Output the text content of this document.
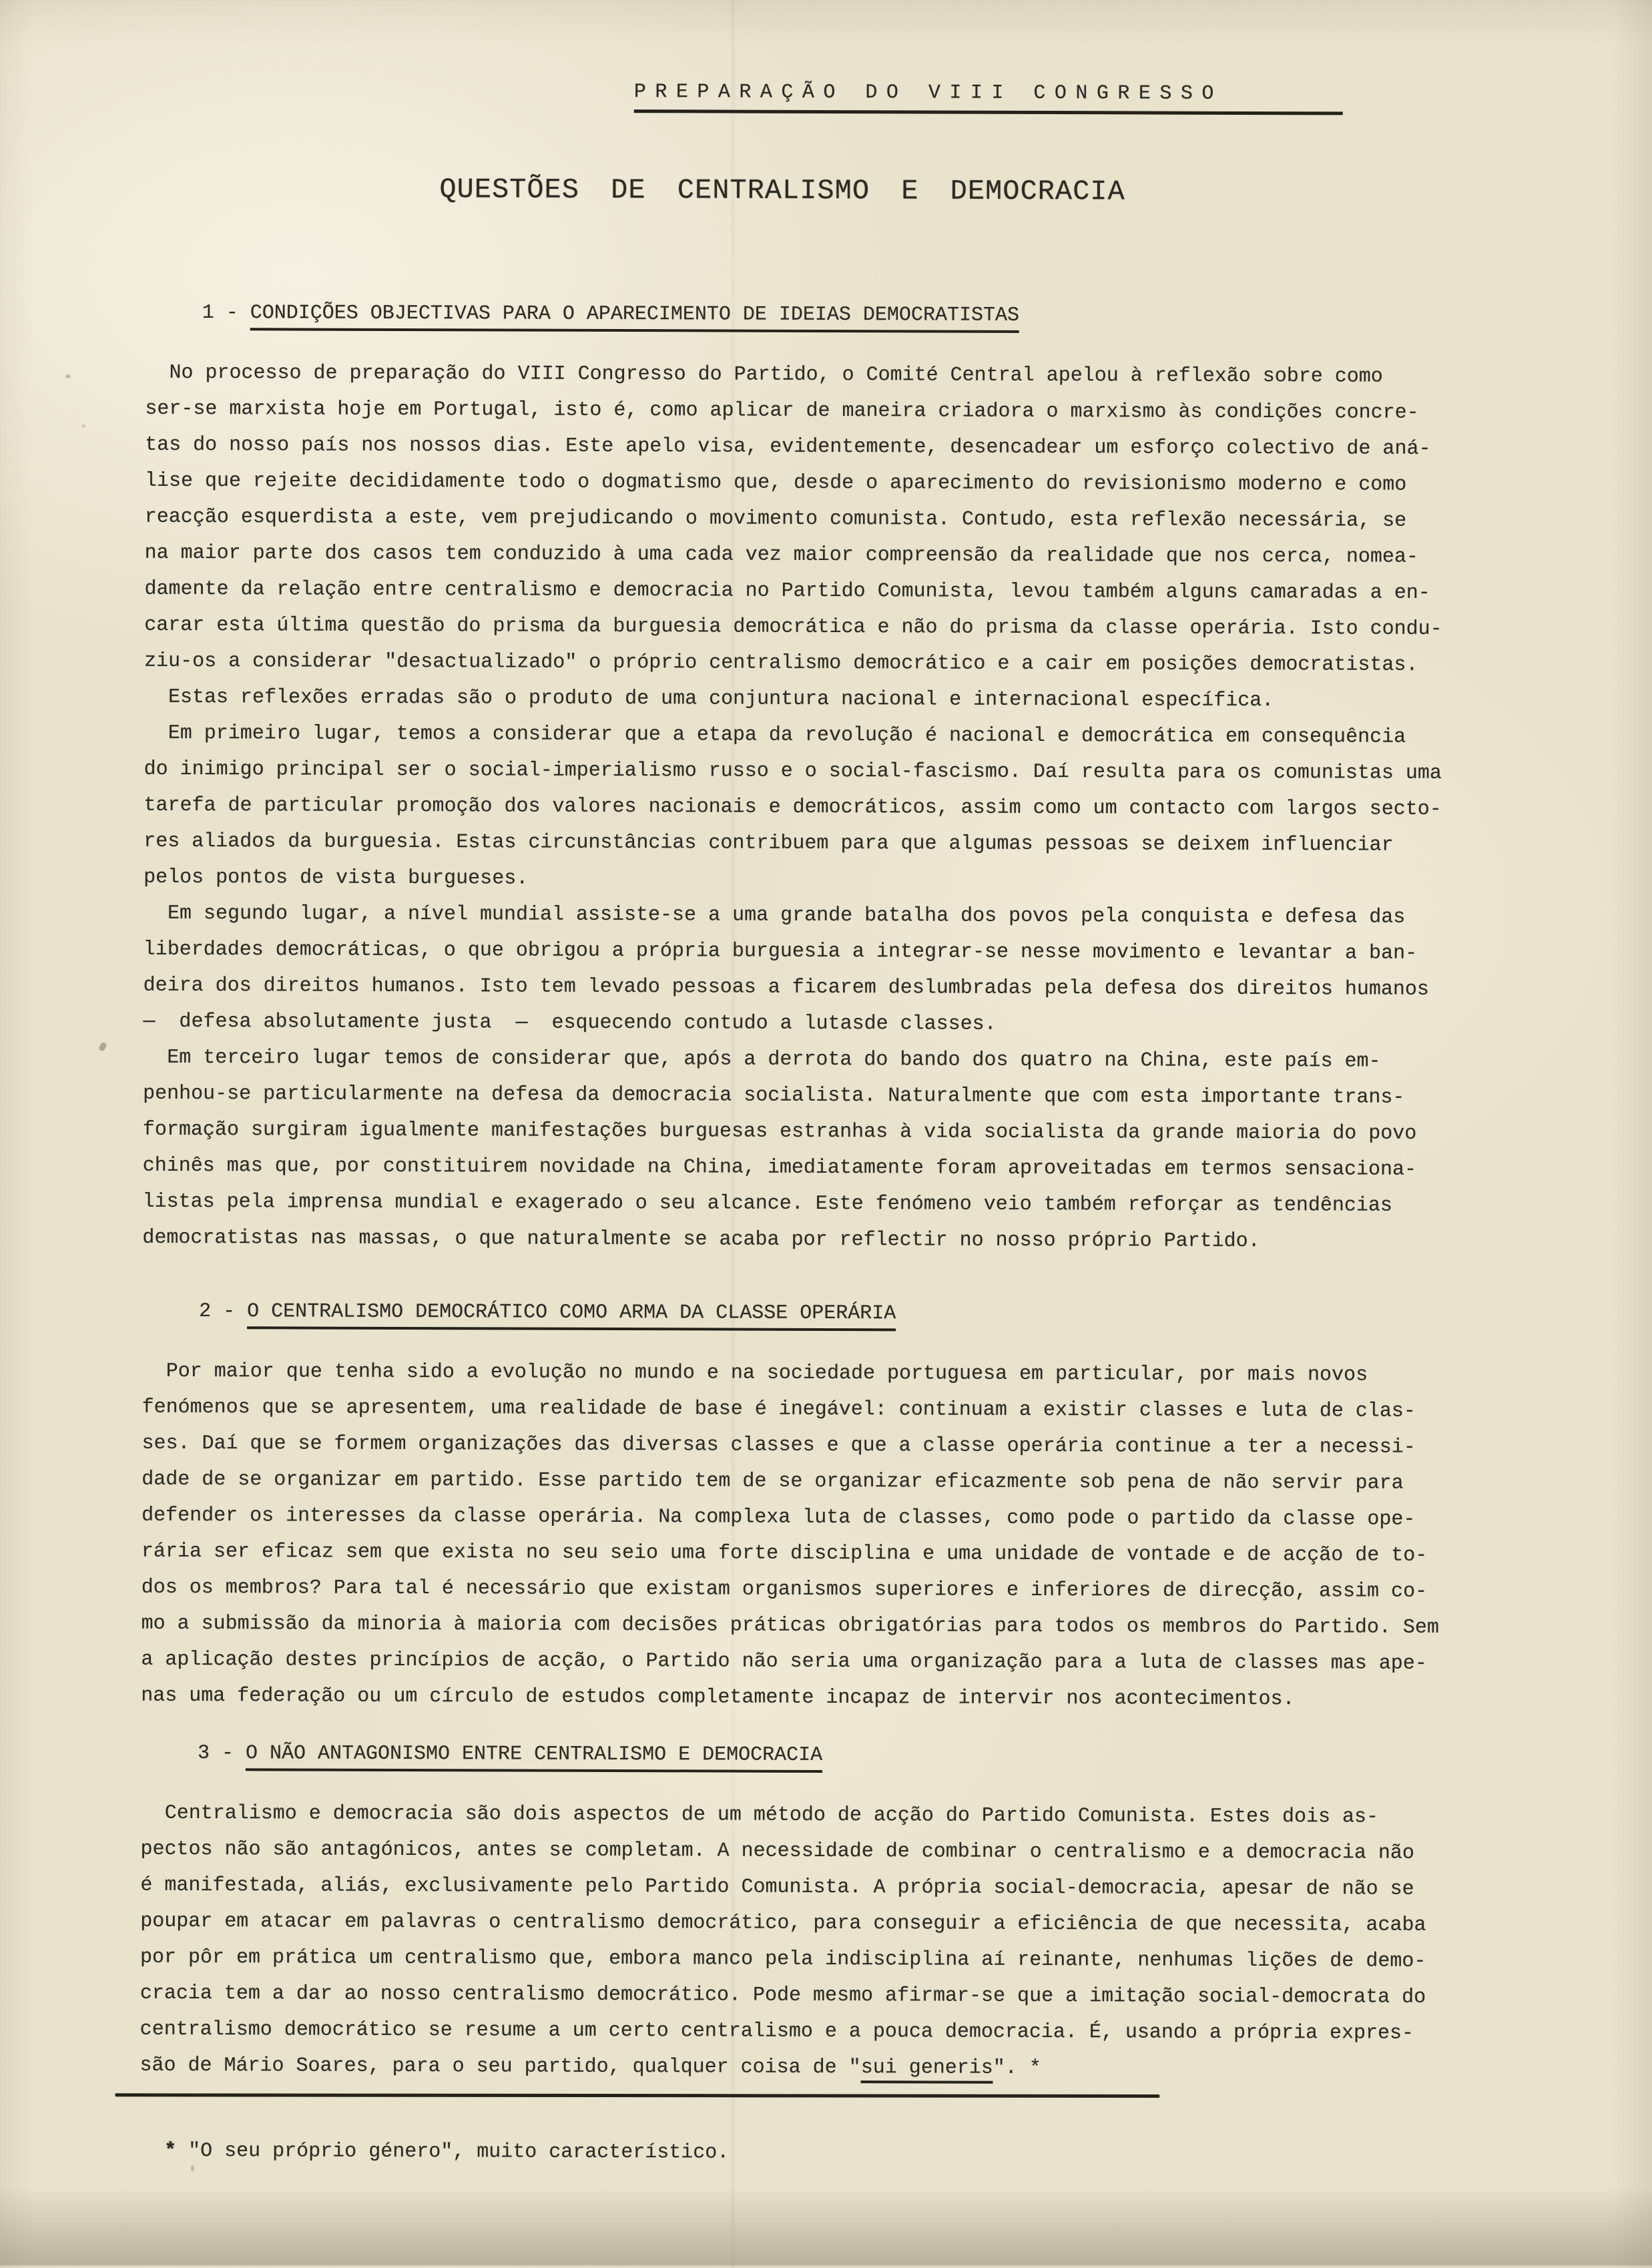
PREPARAÇÃO DO VIII CONGRESSO

QUESTÕES DE CENTRALISMO E DEMOCRACIA
1 - CONDIÇÕES OBJECTIVAS PARA O APARECIMENTO DE IDEIAS DEMOCRATISTAS
No processo de preparação do VIII Congresso do Partido, o Comité Central apelou à reflexão sobre como
ser-se marxista hoje em Portugal, isto é, como aplicar de maneira criadora o marxismo às condições concre-
tas do nosso país nos nossos dias. Este apelo visa, evidentemente, desencadear um esforço colectivo de aná-
lise que rejeite decididamente todo o dogmatismo que, desde o aparecimento do revisionismo moderno e como
reacção esquerdista a este, vem prejudicando o movimento comunista. Contudo, esta reflexão necessária, se
na maior parte dos casos tem conduzido à uma cada vez maior compreensão da realidade que nos cerca, nomea-
damente da relação entre centralismo e democracia no Partido Comunista, levou também alguns camaradas a en-
carar esta última questão do prisma da burguesia democrática e não do prisma da classe operária. Isto condu-
ziu-os a considerar "desactualizado" o próprio centralismo democrático e a cair em posições democratistas.
Estas reflexões erradas são o produto de uma conjuntura nacional e internacional específica.
Em primeiro lugar, temos a considerar que a etapa da revolução é nacional e democrática em consequência
do inimigo principal ser o social-imperialismo russo e o social-fascismo. Daí resulta para os comunistas uma
tarefa de particular promoção dos valores nacionais e democráticos, assim como um contacto com largos secto-
res aliados da burguesia. Estas circunstâncias contribuem para que algumas pessoas se deixem influenciar
pelos pontos de vista burgueses.
Em segundo lugar, a nível mundial assiste-se a uma grande batalha dos povos pela conquista e defesa das
liberdades democráticas, o que obrigou a própria burguesia a integrar-se nesse movimento e levantar a ban-
deira dos direitos humanos. Isto tem levado pessoas a ficarem deslumbradas pela defesa dos direitos humanos
—  defesa absolutamente justa  —  esquecendo contudo a lutasde classes.
Em terceiro lugar temos de considerar que, após a derrota do bando dos quatro na China, este país em-
penhou-se particularmente na defesa da democracia socialista. Naturalmente que com esta importante trans-
formação surgiram igualmente manifestações burguesas estranhas à vida socialista da grande maioria do povo
chinês mas que, por constituirem novidade na China, imediatamente foram aproveitadas em termos sensaciona-
listas pela imprensa mundial e exagerado o seu alcance. Este fenómeno veio também reforçar as tendências
democratistas nas massas, o que naturalmente se acaba por reflectir no nosso próprio Partido.
2 - O CENTRALISMO DEMOCRÁTICO COMO ARMA DA CLASSE OPERÁRIA
Por maior que tenha sido a evolução no mundo e na sociedade portuguesa em particular, por mais novos
fenómenos que se apresentem, uma realidade de base é inegável: continuam a existir classes e luta de clas-
ses. Daí que se formem organizações das diversas classes e que a classe operária continue a ter a necessi-
dade de se organizar em partido. Esse partido tem de se organizar eficazmente sob pena de não servir para
defender os interesses da classe operária. Na complexa luta de classes, como pode o partido da classe ope-
rária ser eficaz sem que exista no seu seio uma forte disciplina e uma unidade de vontade e de acção de to-
dos os membros? Para tal é necessário que existam organismos superiores e inferiores de direcção, assim co-
mo a submissão da minoria à maioria com decisões práticas obrigatórias para todos os membros do Partido. Sem
a aplicação destes princípios de acção, o Partido não seria uma organização para a luta de classes mas ape-
nas uma federação ou um círculo de estudos completamente incapaz de intervir nos acontecimentos.
3 - O NÃO ANTAGONISMO ENTRE CENTRALISMO E DEMOCRACIA
Centralismo e democracia são dois aspectos de um método de acção do Partido Comunista. Estes dois as-
pectos não são antagónicos, antes se completam. A necessidade de combinar o centralismo e a democracia não
é manifestada, aliás, exclusivamente pelo Partido Comunista. A própria social-democracia, apesar de não se
poupar em atacar em palavras o centralismo democrático, para conseguir a eficiência de que necessita, acaba
por pôr em prática um centralismo que, embora manco pela indisciplina aí reinante, nenhumas lições de demo-
cracia tem a dar ao nosso centralismo democrático. Pode mesmo afirmar-se que a imitação social-democrata do
centralismo democrático se resume a um certo centralismo e a pouca democracia. É, usando a própria expres-
são de Mário Soares, para o seu partido, qualquer coisa de "sui generis". *

* "O seu próprio género", muito característico.
